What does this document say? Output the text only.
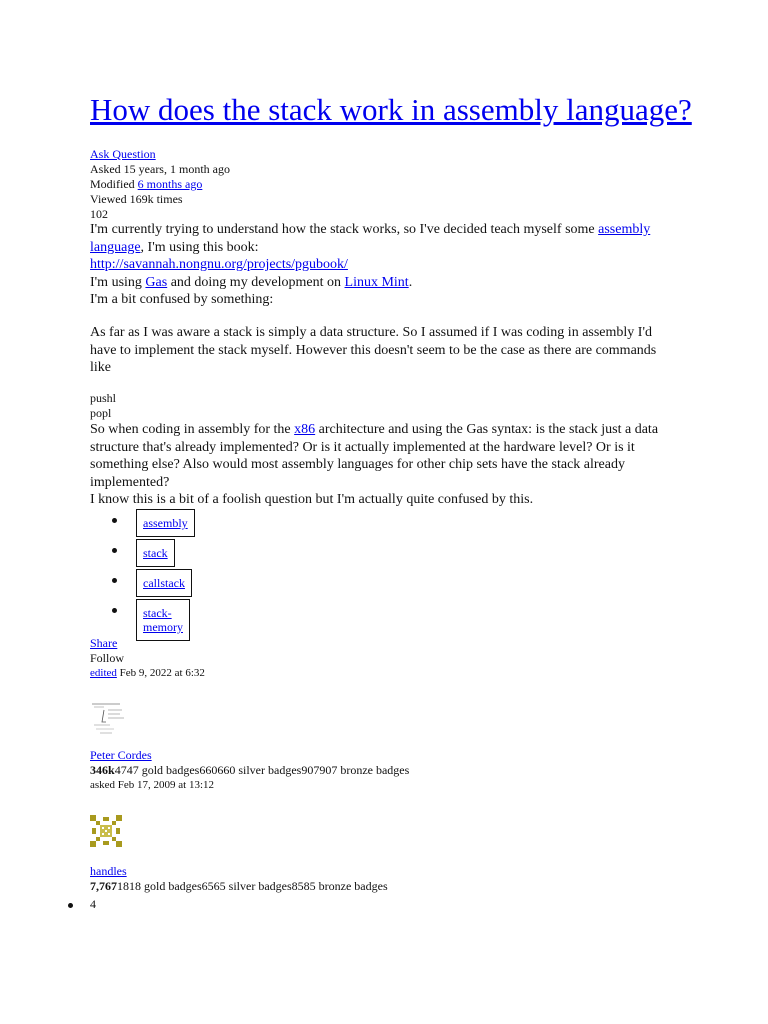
How does the stack work in assembly language?
Ask Question
Asked 15 years, 1 month ago
Modified 6 months ago
Viewed 169k times
102
I'm currently trying to understand how the stack works, so I've decided teach myself some assembly language, I'm using this book:
http://savannah.nongnu.org/projects/pgubook/
I'm using Gas and doing my development on Linux Mint.
I'm a bit confused by something:
As far as I was aware a stack is simply a data structure. So I assumed if I was coding in assembly I'd have to implement the stack myself. However this doesn't seem to be the case as there are commands like
pushl
popl
So when coding in assembly for the x86 architecture and using the Gas syntax: is the stack just a data structure that's already implemented? Or is it actually implemented at the hardware level? Or is it something else? Also would most assembly languages for other chip sets have the stack already implemented?
I know this is a bit of a foolish question but I'm actually quite confused by this.
assembly
stack
callstack
stack-memory
Share
Follow
edited Feb 9, 2022 at 6:32
Peter Cordes
346k4747 gold badges660660 silver badges907907 bronze badges
asked Feb 17, 2009 at 13:12
handles
7,7671818 gold badges6565 silver badges8585 bronze badges
4
